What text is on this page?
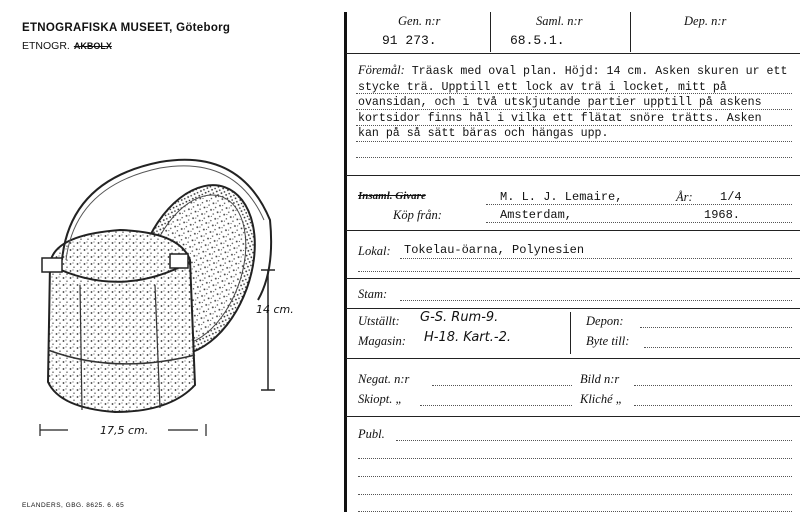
ETNOGRAFISKA MUSEET, Göteborg
ETNOGR. AKBOLX
14 cm.
17,5 cm.
ELANDERS, GBG. 8625. 6. 65
Gen. n:r
91 273.
Saml. n:r
68.5.1.
Dep. n:r
Föremål: Träask med oval plan. Höjd: 14 cm. Asken skuren ur ett stycke trä. Upptill ett lock av trä i locket, mitt på ovansidan, och i två utskjutande partier upptill på askens kortsidor finns hål i vilka ett flätat snöre trätts. Asken kan på så sätt bäras och hängas upp.
Insaml. Givare	M. L. J. Lemaire,	År: 1/4
Köp från:	Amsterdam,	1968.
Lokal: Tokelau-öarna, Polynesien
Stam:
Utställt: G-S. Rum-9.
Magasin: H-18. Kart.-2.
Depon:
Byte till:
Negat. n:r	Bild n:r
Skiopt. „	Kliché „
Publ.
